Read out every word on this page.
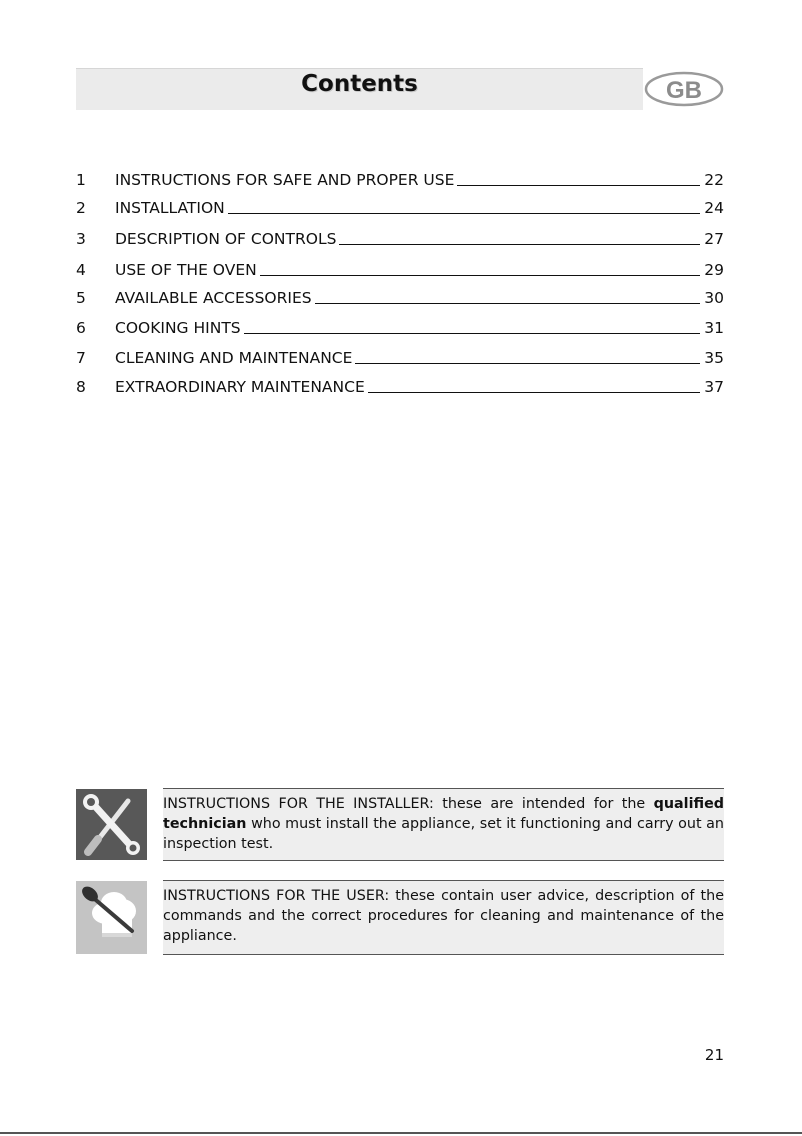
Contents	GB
1	INSTRUCTIONS FOR SAFE AND PROPER USE	22
2	INSTALLATION	24
3	DESCRIPTION OF CONTROLS	27
4	USE OF THE OVEN	29
5	AVAILABLE ACCESSORIES	30
6	COOKING HINTS	31
7	CLEANING AND MAINTENANCE	35
8	EXTRAORDINARY MAINTENANCE	37

INSTRUCTIONS FOR THE INSTALLER: these are intended for the qualified technician who must install the appliance, set it functioning and carry out an inspection test.

INSTRUCTIONS FOR THE USER: these contain user advice, description of the commands and the correct procedures for cleaning and maintenance of the appliance.

21
